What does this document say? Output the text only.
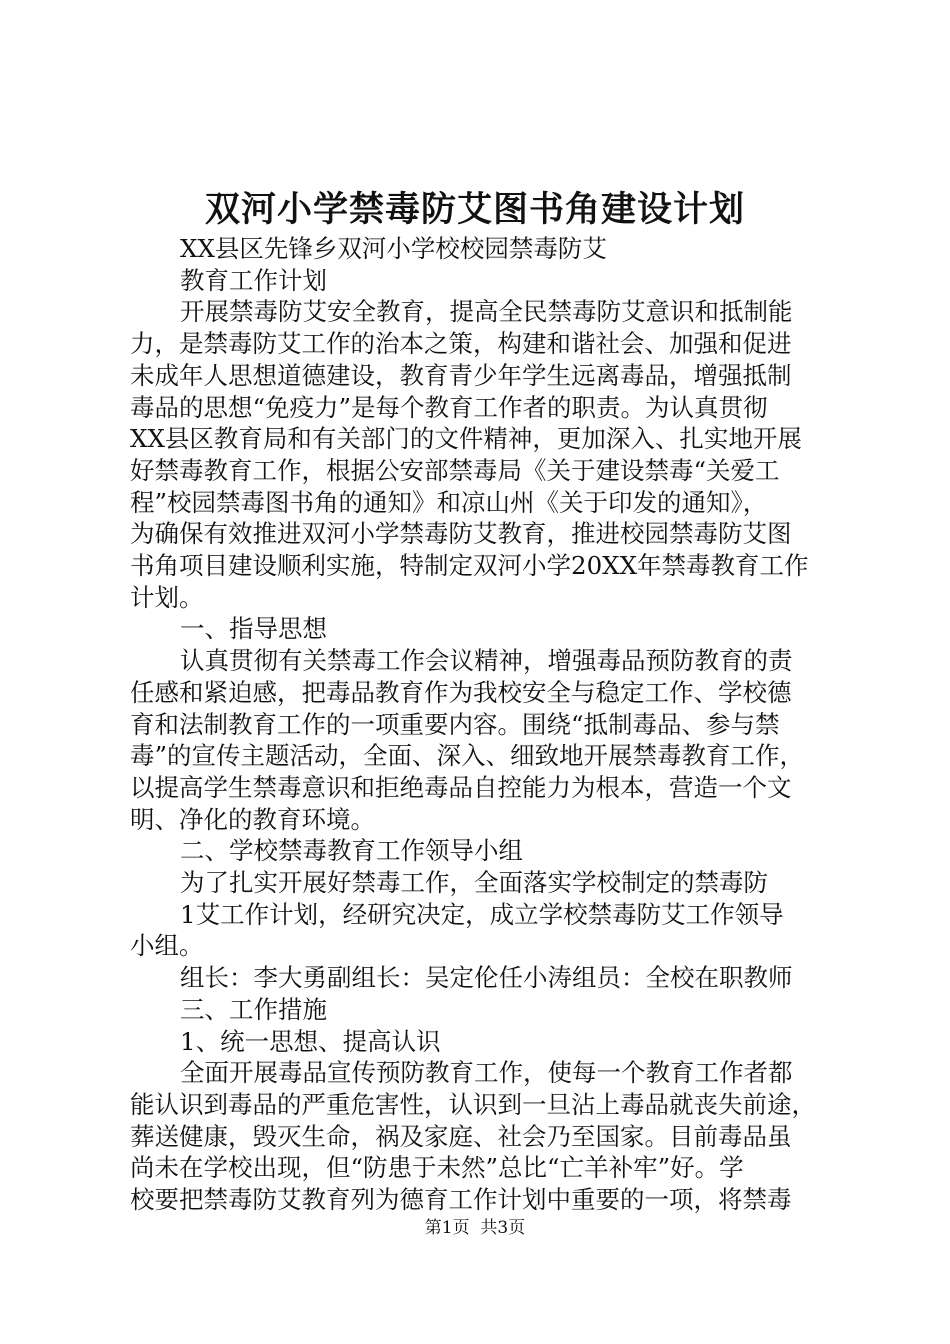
双河小学禁毒防艾图书角建设计划

XX县区先锋乡双河小学校校园禁毒防艾

教育工作计划

开展禁毒防艾安全教育，提高全民禁毒防艾意识和抵制能

力，是禁毒防艾工作的治本之策，构建和谐社会、加强和促进

未成年人思想道德建设，教育青少年学生远离毒品，增强抵制

毒品的思想“免疫力”是每个教育工作者的职责。为认真贯彻

XX县区教育局和有关部门的文件精神，更加深入、扎实地开展

好禁毒教育工作，根据公安部禁毒局《关于建设禁毒“关爱工

程”校园禁毒图书角的通知》和凉山州《关于印发的通知》，

为确保有效推进双河小学禁毒防艾教育，推进校园禁毒防艾图

书角项目建设顺利实施，特制定双河小学20XX年禁毒教育工作

计划。

一、指导思想

认真贯彻有关禁毒工作会议精神，增强毒品预防教育的责

任感和紧迫感，把毒品教育作为我校安全与稳定工作、学校德

育和法制教育工作的一项重要内容。围绕“抵制毒品、参与禁

毒”的宣传主题活动，全面、深入、细致地开展禁毒教育工作，

以提高学生禁毒意识和拒绝毒品自控能力为根本，营造一个文

明、净化的教育环境。

二、学校禁毒教育工作领导小组

为了扎实开展好禁毒工作，全面落实学校制定的禁毒防

1艾工作计划，经研究决定，成立学校禁毒防艾工作领导

小组。

组长：李大勇副组长：吴定伦任小涛组员：全校在职教师

三、工作措施

1、统一思想、提高认识

全面开展毒品宣传预防教育工作，使每一个教育工作者都

能认识到毒品的严重危害性，认识到一旦沾上毒品就丧失前途，

葬送健康，毁灭生命，祸及家庭、社会乃至国家。目前毒品虽

尚未在学校出现，但“防患于未然”总比“亡羊补牢”好。学

校要把禁毒防艾教育列为德育工作计划中重要的一项，将禁毒

第1页  共3页
